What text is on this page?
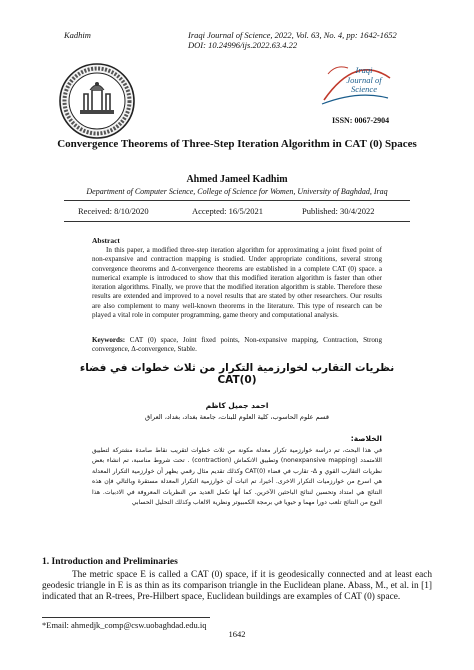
Kadhim	Iraqi Journal of Science, 2022, Vol. 63, No. 4, pp: 1642-1652
DOI: 10.24996/ijs.2022.63.4.22
Iraqi
Journal of
Science
ISSN: 0067-2904
Convergence Theorems of Three-Step Iteration Algorithm in CAT (0) Spaces
Ahmed Jameel Kadhim
Department of Computer Science, College of Science for Women, University of Baghdad, Iraq
Received: 8/10/2020	Accepted: 16/5/2021	Published: 30/4/2022
Abstract
In this paper, a modified three-step iteration algorithm for approximating a joint fixed point of non-expansive and contraction mapping is studied. Under appropriate conditions, several strong convergence theorems and Δ-convergence theorems are established in a complete CAT (0) space. a numerical example is introduced to show that this modified iteration algorithm is faster than other iteration algorithms. Finally, we prove that the modified iteration algorithm is stable. Therefore these results are extended and improved to a novel results that are stated by other researchers. Our results are also complement to many well-known theorems in the literature. This type of research can be played a vital role in computer programming, game theory and computational analysis.
Keywords: CAT (0) space, Joint fixed points, Non-expansive mapping, Contraction, Strong convergence, Δ-convergence, Stable.
نظريات التقارب لخوارزمية التكرار من ثلاث خطوات في فضاء (CAT(0
احمد جميل كاظم
قسم علوم الحاسوب، كلية العلوم للبنات، جامعة بغداد، بغداد، العراق
الخلاصة:
في هذا البحث، تم دراسة خوارزمية تكرار معدلة مكونة من ثلاث خطوات لتقريب نقاط صامدة مشتركة لتطبيق اللامتمدد (nonexpansive mapping) وتطبيق الانكماش (contraction) . تحت شروط مناسبة، تم انشاء بعض نظريات التقارب القوي و Δ- تقارب في فضاء CAT(0) وكذلك تقديم مثال رقمي يظهر أن خوارزمية التكرار المعدلة هي اسرع من خوارزميات التكرار الاخرى. أخيرا، تم اثبات أن خوارزمية التكرار المعدلة مستقرة وبالتالي فإن هذه النتائج هي امتداد وتحسين لنتائج الباحثين الآخرين. كما أنها تكمل العديد من النظريات المعروفة في الادبيات. هذا النوع من النتائج تلعب دورا مهما و حيويا في برمجة الكمبيوتر ونظرية الالعاب وكذلك التحليل الحسابي
1. Introduction and Preliminaries
The metric space E is called a CAT (0) space, if it is geodesically connected and at least each geodesic triangle in E is as thin as its comparison triangle in the Euclidean plane. Abass, M., et al. in [1] indicated that an R-trees, Pre-Hilbert space, Euclidean buildings are examples of CAT (0) space.
*Email: ahmedjk_comp@csw.uobaghdad.edu.iq
1642
